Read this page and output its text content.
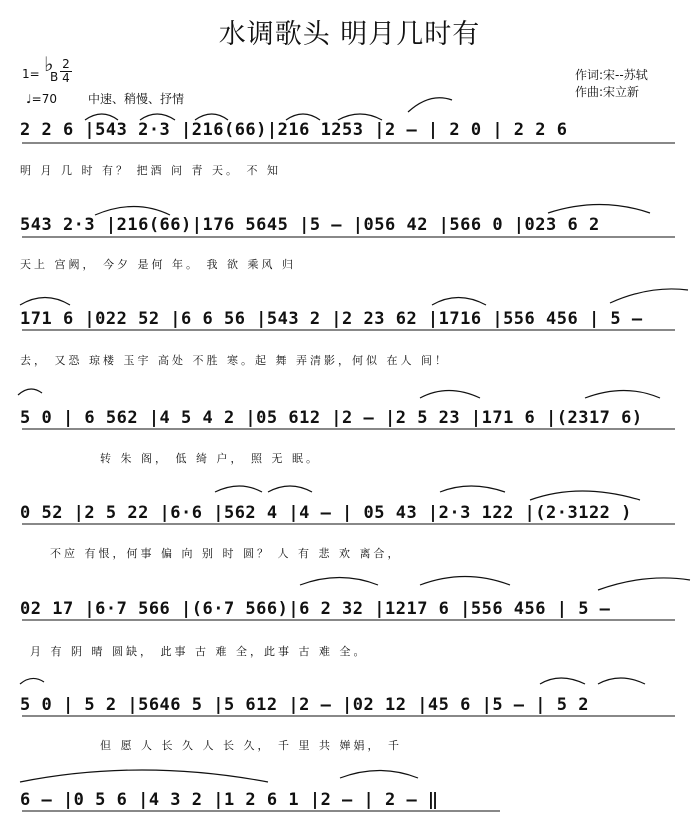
水调歌头 明月几时有
1= ♭
B
2
4
♩=70	中速、稍慢、抒情
作词:宋--苏轼
作曲:宋立新
2 2 6 |543 2·3 |216(66)|216 1253 |2 – | 2 0 | 2 2 6
明 月 几 时 有？ 把酒 问 青 天。 不 知
543 2·3 |216(66)|176 5645 |5 – |056 42 |566 0 |023 6 2
天上 宫阙， 今夕 是何 年。 我 欲 乘风 归
171 6 |022 52 |6 6 56 |543 2 |2 23 62 |1716 |556 456 | 5 –
去， 又恐 琼楼 玉宇 高处 不胜 寒。起 舞 弄清影，何似 在人 间！
5 0 | 6 562 |4 5 4 2 |05 612 |2 – |2 5 23 |171 6 |(2317 6)
转 朱 阁， 低 绮 户， 照 无 眠。
0 52 |2 5 22 |6·6 |562 4 |4 – | 05 43 |2·3 122 |(2·3122 )
不应 有恨，何事 偏 向 别 时 圆？ 人 有 悲 欢 离合，
02 17 |6·7 566 |(6·7 566)|6 2 32 |1217 6 |556 456 | 5 –
月 有 阴 晴 圆缺， 此事 古 难 全，此事 古 难 全。
5 0 | 5 2 |5646 5 |5 612 |2 – |02 12 |45 6 |5 – | 5 2
但 愿 人 长 久 人 长 久， 千 里 共 婵娟， 千
6 – |0 5 6 |4 3 2 |1 2 6 1 |2 – | 2 – ‖
